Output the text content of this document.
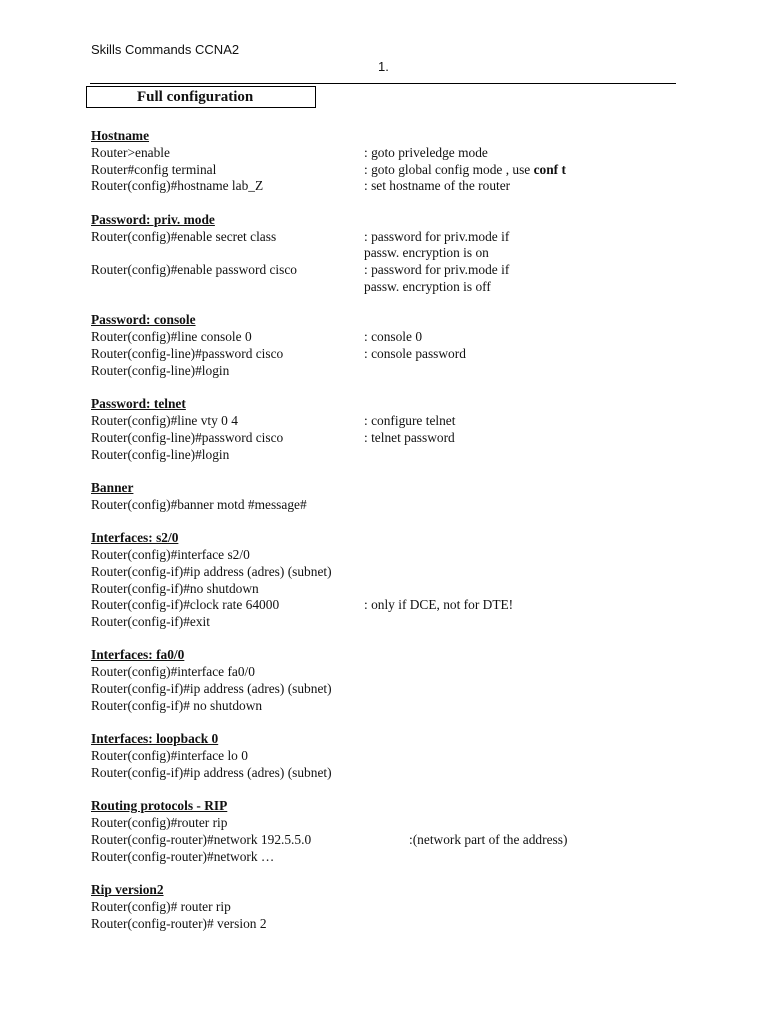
Skills Commands CCNA2
1.
Full configuration
Hostname
Router>enable	: goto priveledge mode
Router#config terminal	: goto global config mode , use conf t
Router(config)#hostname lab_Z	: set hostname of the router
Password: priv. mode
Router(config)#enable secret class	: password for priv.mode if
passw. encryption is on
Router(config)#enable password cisco	: password for priv.mode if
passw. encryption is off
Password: console
Router(config)#line console 0	: console 0
Router(config-line)#password cisco	: console password
Router(config-line)#login
Password: telnet
Router(config)#line vty 0 4	: configure telnet
Router(config-line)#password cisco	: telnet password
Router(config-line)#login
Banner
Router(config)#banner motd #message#
Interfaces: s2/0
Router(config)#interface s2/0
Router(config-if)#ip address (adres) (subnet)
Router(config-if)#no shutdown
Router(config-if)#clock rate 64000	: only if DCE, not for DTE!
Router(config-if)#exit
Interfaces: fa0/0
Router(config)#interface fa0/0
Router(config-if)#ip address (adres) (subnet)
Router(config-if)# no shutdown
Interfaces: loopback 0
Router(config)#interface lo 0
Router(config-if)#ip address (adres) (subnet)
Routing protocols - RIP
Router(config)#router rip
Router(config-router)#network 192.5.5.0	:(network part of the address)
Router(config-router)#network …
Rip version2
Router(config)# router rip
Router(config-router)# version 2
